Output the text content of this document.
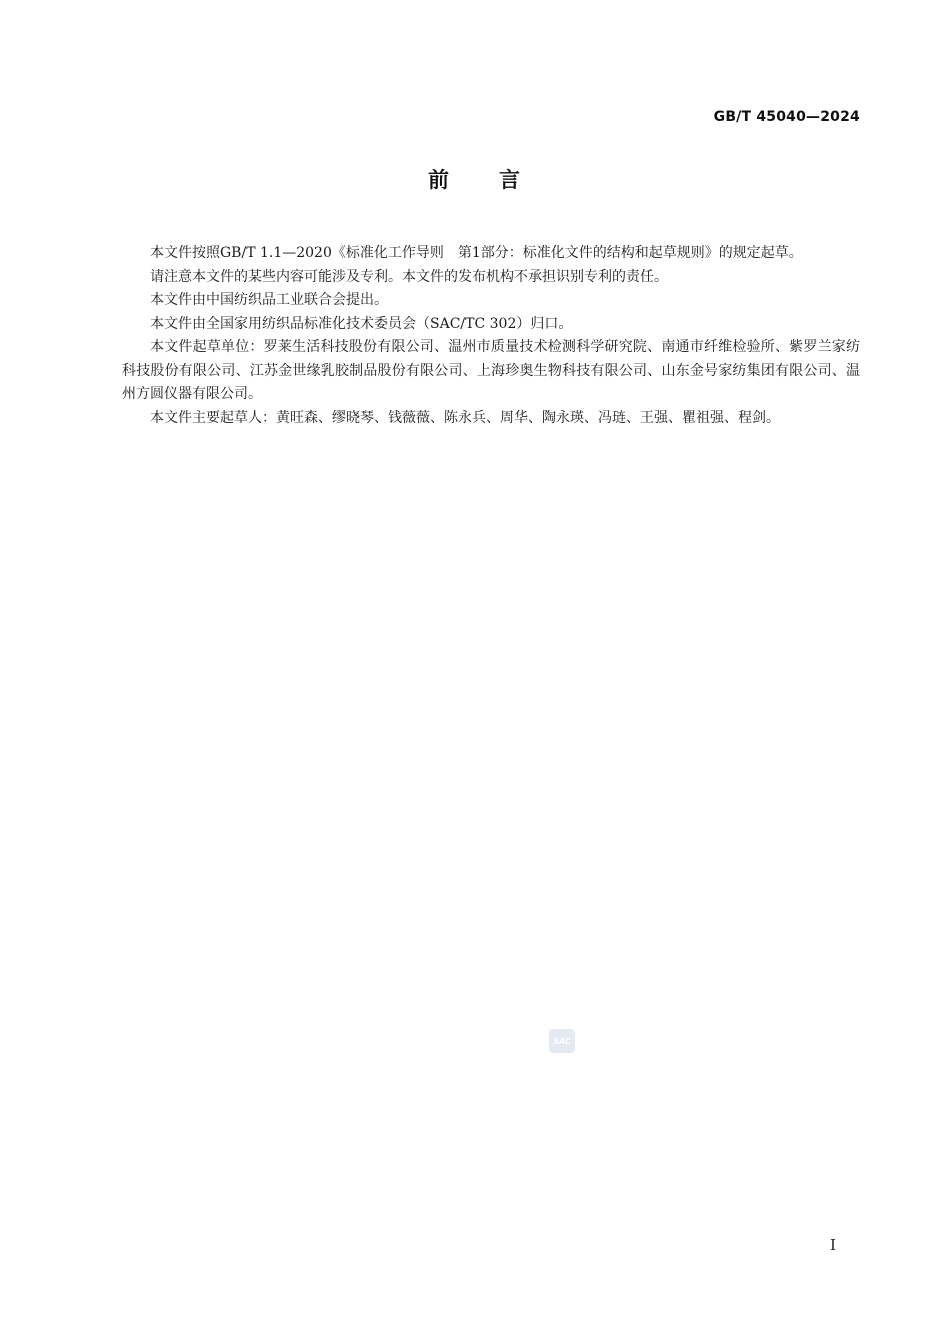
GB/T 45040—2024
前 言

本文件按照GB/T 1.1—2020《标准化工作导则　第1部分：标准化文件的结构和起草规则》的规定起草。

请注意本文件的某些内容可能涉及专利。本文件的发布机构不承担识别专利的责任。

本文件由中国纺织品工业联合会提出。

本文件由全国家用纺织品标准化技术委员会（SAC/TC 302）归口。

本文件起草单位：罗莱生活科技股份有限公司、温州市质量技术检测科学研究院、南通市纤维检验所、紫罗兰家纺科技股份有限公司、江苏金世缘乳胶制品股份有限公司、上海珍奥生物科技有限公司、山东金号家纺集团有限公司、温州方圆仪器有限公司。

本文件主要起草人：黄旺森、缪晓琴、钱薇薇、陈永兵、周华、陶永瑛、冯琏、王强、瞿祖强、程剑。

SAC
I
